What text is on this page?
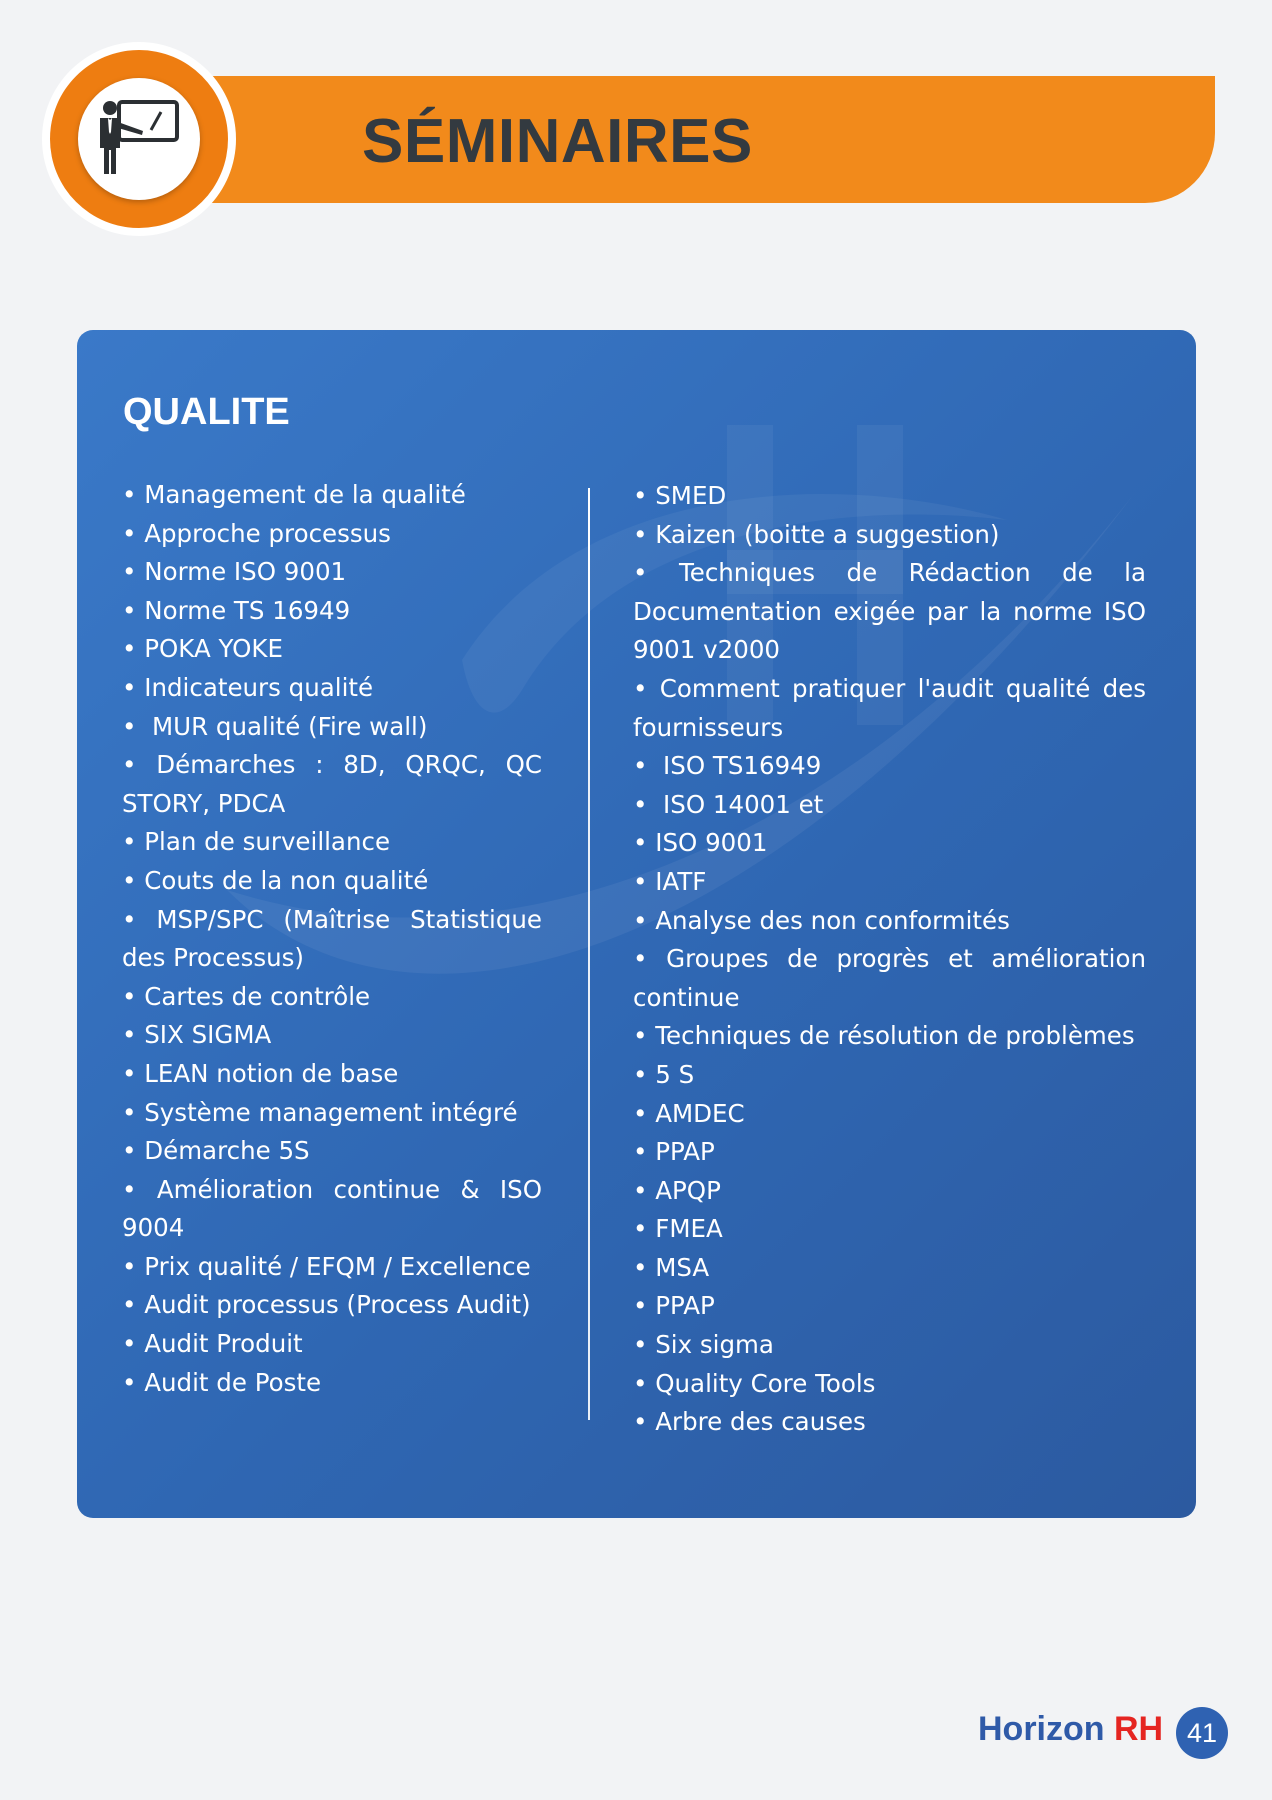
SÉMINAIRES
QUALITE
• Management de la qualité
• Approche processus
• Norme ISO 9001
• Norme TS 16949
• POKA YOKE
• Indicateurs qualité
•  MUR qualité (Fire wall)
• Démarches : 8D, QRQC, QC STORY, PDCA
• Plan de surveillance
• Couts de la non qualité
• MSP/SPC (Maîtrise Statistique des Processus)
• Cartes de contrôle
• SIX SIGMA
• LEAN notion de base
• Système management intégré
• Démarche 5S
• Amélioration continue & ISO 9004
• Prix qualité / EFQM / Excellence
• Audit processus (Process Audit)
• Audit Produit
• Audit de Poste
• SMED
• Kaizen (boitte a suggestion)
• Techniques de Rédaction de la Documentation exigée par la norme ISO 9001 v2000
• Comment pratiquer l'audit qualité des fournisseurs
•  ISO TS16949
•  ISO 14001 et
• ISO 9001
• IATF
• Analyse des non conformités
• Groupes de progrès et amélioration continue
• Techniques de résolution de problèmes
• 5 S
• AMDEC
• PPAP
• APQP
• FMEA
• MSA
• PPAP
• Six sigma
• Quality Core Tools
• Arbre des causes

Horizon RH 41
